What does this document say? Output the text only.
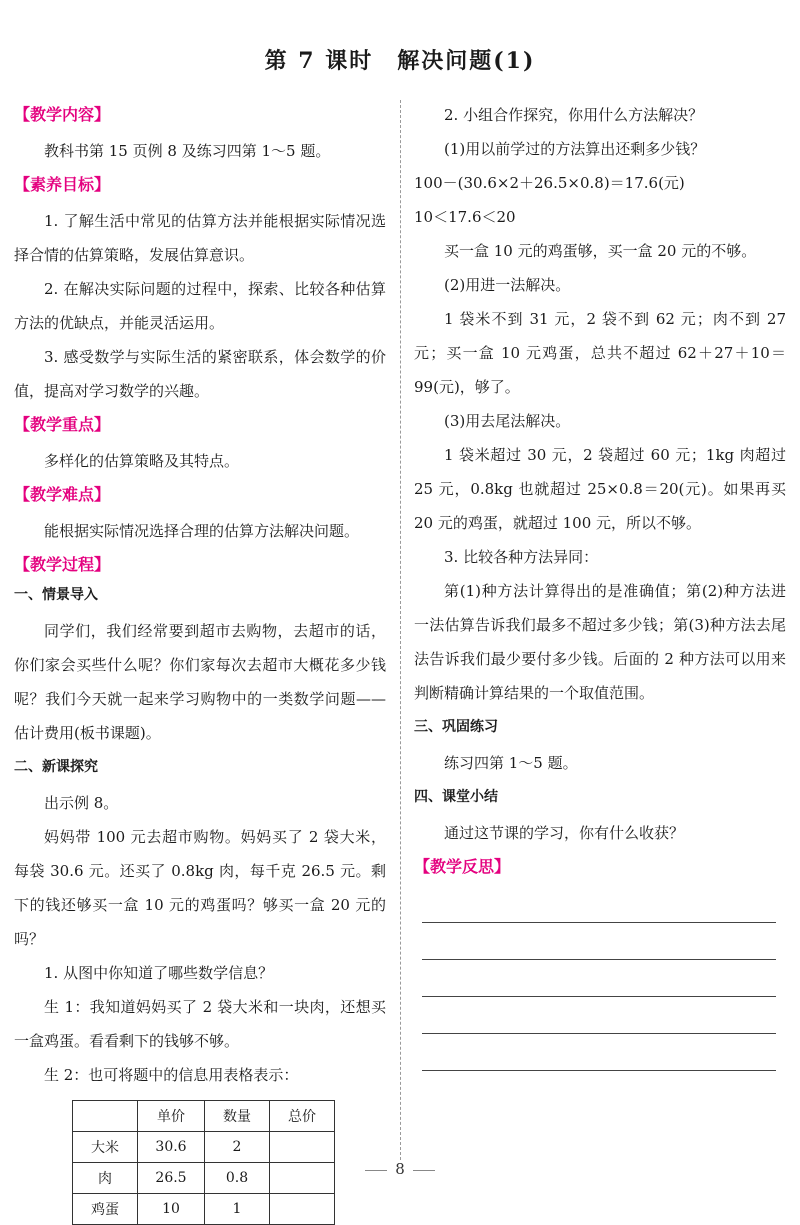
第 7 课时　解决问题(1)
【教学内容】

教科书第 15 页例 8 及练习四第 1～5 题。

【素养目标】

1. 了解生活中常见的估算方法并能根据实际情况选择合情的估算策略，发展估算意识。

2. 在解决实际问题的过程中，探索、比较各种估算方法的优缺点，并能灵活运用。

3. 感受数学与实际生活的紧密联系，体会数学的价值，提高对学习数学的兴趣。

【教学重点】

多样化的估算策略及其特点。

【教学难点】

能根据实际情况选择合理的估算方法解决问题。

【教学过程】
一、情景导入

同学们，我们经常要到超市去购物，去超市的话，你们家会买些什么呢？你们家每次去超市大概花多少钱呢？我们今天就一起来学习购物中的一类数学问题——估计费用(板书课题)。

二、新课探究

出示例 8。

妈妈带 100 元去超市购物。妈妈买了 2 袋大米，每袋 30.6 元。还买了 0.8kg 肉，每千克 26.5 元。剩下的钱还够买一盒 10 元的鸡蛋吗？够买一盒 20 元的吗？

1. 从图中你知道了哪些数学信息？

生 1：我知道妈妈买了 2 袋大米和一块肉，还想买一盒鸡蛋。看看剩下的钱够不够。

生 2：也可将题中的信息用表格表示：

	单价	数量	总价
大米	30.6	2	
肉	26.5	0.8	
鸡蛋	10	1	

2. 小组合作探究，你用什么方法解决？

(1)用以前学过的方法算出还剩多少钱？

100－(30.6×2＋26.5×0.8)＝17.6(元)

10＜17.6＜20

买一盒 10 元的鸡蛋够，买一盒 20 元的不够。

(2)用进一法解决。

1 袋米不到 31 元，2 袋不到 62 元；肉不到 27 元；买一盒 10 元鸡蛋，总共不超过 62＋27＋10＝99(元)，够了。

(3)用去尾法解决。

1 袋米超过 30 元，2 袋超过 60 元；1kg 肉超过 25 元，0.8kg 也就超过 25×0.8＝20(元)。如果再买 20 元的鸡蛋，就超过 100 元，所以不够。

3. 比较各种方法异同：

第(1)种方法计算得出的是准确值；第(2)种方法进一法估算告诉我们最多不超过多少钱；第(3)种方法去尾法告诉我们最少要付多少钱。后面的 2 种方法可以用来判断精确计算结果的一个取值范围。

三、巩固练习

练习四第 1～5 题。

四、课堂小结

通过这节课的学习，你有什么收获？

【教学反思】
8
